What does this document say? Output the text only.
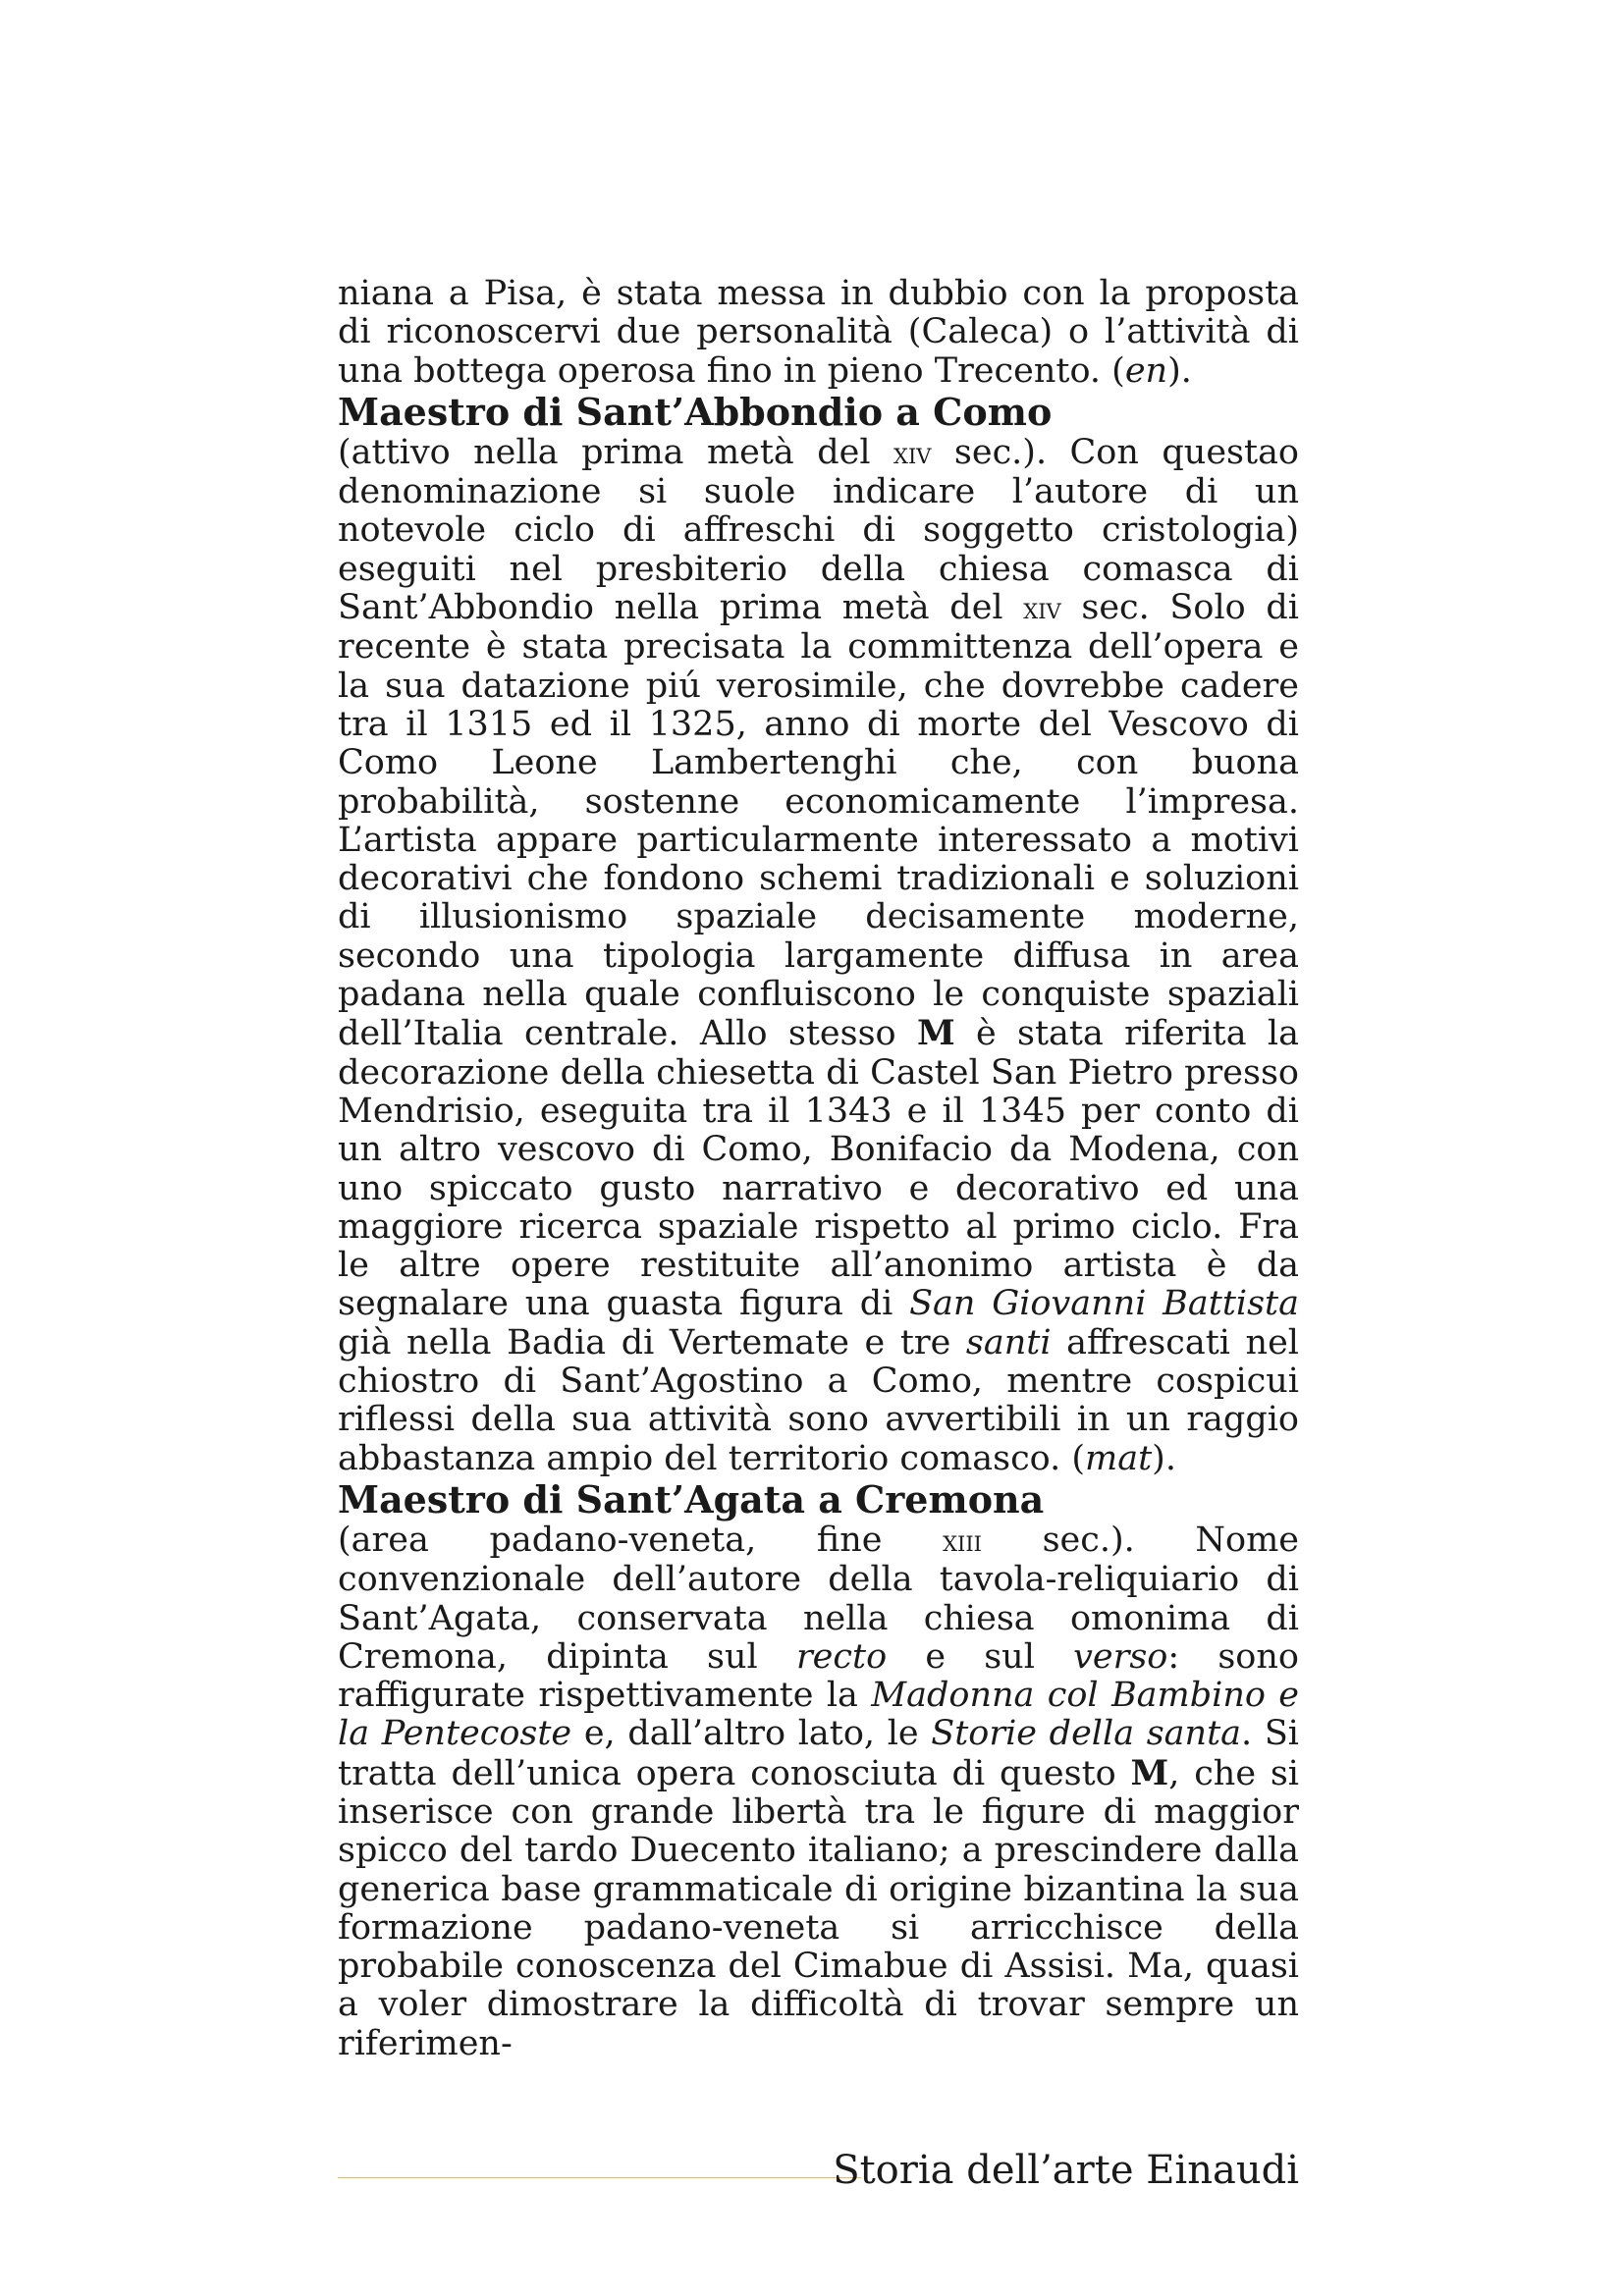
niana a Pisa, è stata messa in dubbio con la proposta di riconoscervi due personalità (Caleca) o l’attività di una bottega operosa fino in pieno Trecento. (en).

Maestro di Sant’Abbondio a Como

(attivo nella prima metà del xiv sec.). Con questao denominazione si suole indicare l’autore di un notevole ciclo di affreschi di soggetto cristologia) eseguiti nel presbiterio della chiesa comasca di Sant’Abbondio nella prima metà del xiv sec. Solo di recente è stata precisata la committenza dell’opera e la sua datazione piú verosimile, che dovrebbe cadere tra il 1315 ed il 1325, anno di morte del Vescovo di Como Leone Lambertenghi che, con buona probabilità, sostenne economicamente l’impresa. L’artista appare particularmente interessato a motivi decorativi che fondono schemi tradizionali e soluzioni di illusionismo spaziale decisamente moderne, secondo una tipologia largamente diffusa in area padana nella quale confluiscono le conquiste spaziali dell’Italia centrale. Allo stesso M è stata riferita la decorazione della chiesetta di Castel San Pietro presso Mendrisio, eseguita tra il 1343 e il 1345 per conto di un altro vescovo di Como, Bonifacio da Modena, con uno spiccato gusto narrativo e decorativo ed una maggiore ricerca spaziale rispetto al primo ciclo. Fra le altre opere restituite all’anonimo artista è da segnalare una guasta figura di San Giovanni Battista già nella Badia di Vertemate e tre santi affrescati nel chiostro di Sant’Agostino a Como, mentre cospicui riflessi della sua attività sono avvertibili in un raggio abbastanza ampio del territorio comasco. (mat).

Maestro di Sant’Agata a Cremona

(area padano-veneta, fine xiii sec.). Nome convenzionale dell’autore della tavola-reliquiario di Sant’Agata, conservata nella chiesa omonima di Cremona, dipinta sul recto e sul verso: sono raffigurate rispettivamente la Madonna col Bambino e la Pentecoste e, dall’altro lato, le Storie della santa. Si tratta dell’unica opera conosciuta di questo M, che si inserisce con grande libertà tra le figure di maggior spicco del tardo Duecento italiano; a prescindere dalla generica base grammaticale di origine bizantina la sua formazione padano-veneta si arricchisce della probabile conoscenza del Cimabue di Assisi. Ma, quasi a voler dimostrare la difficoltà di trovar sempre un riferimen-

Storia dell’arte Einaudi
